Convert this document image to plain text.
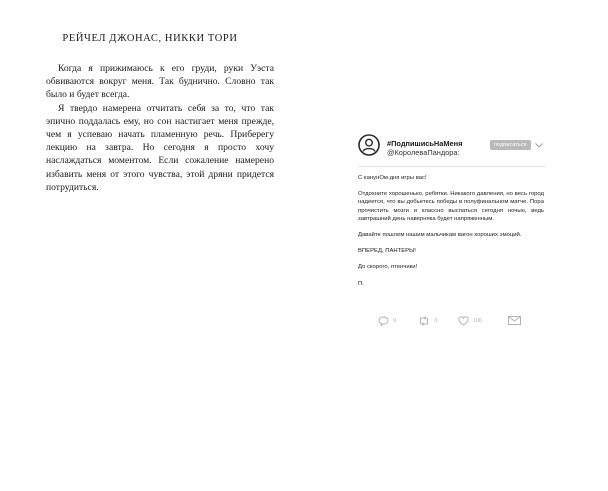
РЕЙЧЕЛ ДЖОНАС, НИККИ ТОРИ

Когда я прижимаюсь к его груди, руки Уэста обвиваются вокруг меня. Так буднично. Словно так было и будет всегда.

Я твердо намерена отчитать себя за то, что так эпично поддалась ему, но сон настигает меня прежде, чем я успеваю начать пламенную речь. Приберегу лекцию на завтра. Но сегодня я просто хочу наслаждаться моментом. Если сожаление намерено избавить меня от этого чувства, этой дряни придется потрудиться.

#ПодпишисьНаМеня
@КоролеваПандора:
подписаться

С канунОм дня игры вас!

Отдохните хорошенько, ребятки. Никакого давления, но весь город надеется, что вы добьетесь победы в полуфинальном матче. Пора прочистить мозги и классно выспаться сегодня ночью, ведь завтрашний день наверняка будет напряженным.

Давайте пошлем нашим мальчикам вагон хороших эмоций.

ВПЕРЕД, ПАНТЕРЫ!

До скорого, птенчики!

П.

9	3	106
